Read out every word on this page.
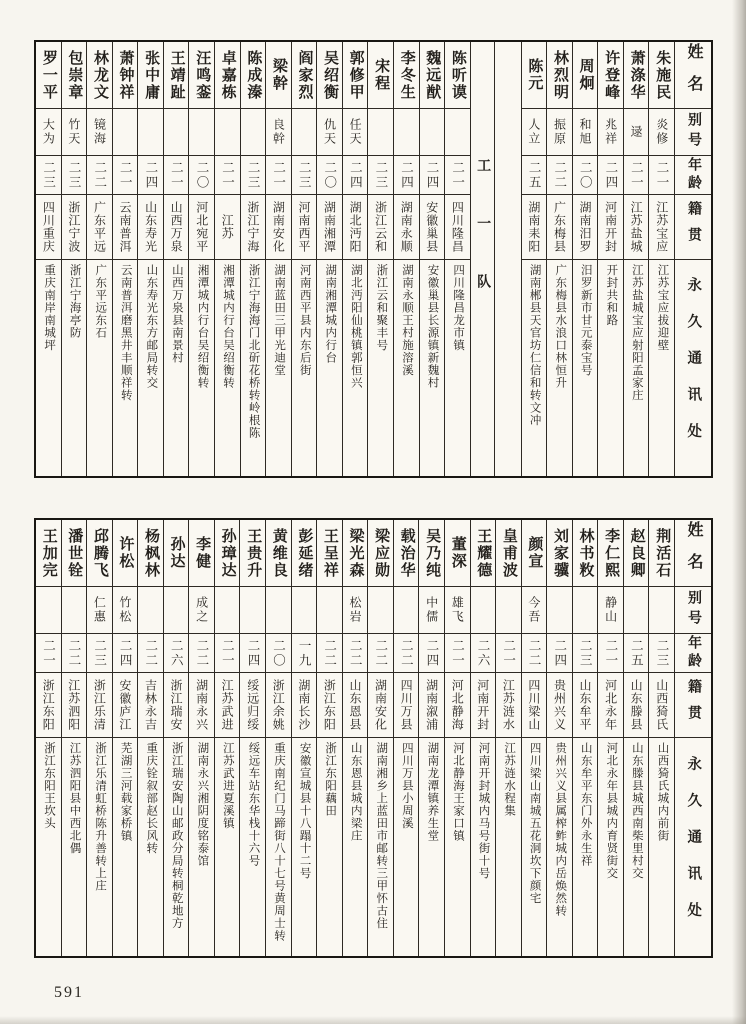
姓名
别号
年龄
籍贯
永久通讯处
朱施民
炎修
二一
江苏宝应
江苏宝应拔迎壁
萧涤华
逯
二一
江苏盐城
江苏盐城宝应射阳孟家庄
许登峰
兆祥
二四
河南开封
开封共和路
周炯
和旭
二〇
湖南汨罗
汨罗新市甘元泰宝号
林烈明
振原
二二
广东梅县
广东梅县水浪口林恒升
陈元
人立
二五
湖南耒阳
湖南郴县天官坊仁信和转文冲
工一队
陈听谟
二一
四川隆昌
四川隆昌龙市镇
魏远猷
二四
安徽巢县
安徽巢县长源镇新魏村
李冬生
二四
湖南永顺
湖南永顺王村施溶溪
宋程
二三
浙江云和
浙江云和聚丰号
郭修甲
任天
二四
湖北沔阳
湖北沔阳仙桃镇郭恒兴
吴绍衡
仇天
二〇
湖南湘潭
湖南湘潭城内行台
阎家烈
二三
河南西平
河南西平县内东后街
梁幹
良幹
二一
湖南安化
湖南蓝田三甲光迪堂
陈成溱
二三
浙江宁海
浙江宁海海门北斫花桥转岭根陈
卓嘉栋
二一
江苏
湘潭城内行台吴绍衡转
汪鸣銮
二〇
河北宛平
湘潭城内行台吴绍衡转
王靖趾
二一
山西万泉
山西万泉县南景村
张中庸
二四
山东寿光
山东寿光东方邮局转交
萧钟祥
二一
云南普洱
云南普洱磨黑井丰顺祥转
林龙文
镜海
二二
广东平远
广东平远东石
包崇章
竹天
二三
浙江宁波
浙江宁海亭防
罗一平
大为
二三
四川重庆
重庆南岸南城坪
姓名
别号
年龄
籍贯
永久通讯处
荆活石
二三
山西猗氏
山西猗氏城内前街
赵良卿
二五
山东滕县
山东滕县城西南柴里村交
李仁熙
静山
二一
河北永年
河北永年县城内育贤街交
林书敉
二三
山东牟平
山东牟平东门外永生祥
刘家骥
二四
贵州兴义
贵州兴义县属榨鲊城内岳焕然转
颜宣
今吾
二二
四川梁山
四川梁山南城五花洞坎下颜宅
皇甫波
二一
江苏涟水
江苏涟水程集
王耀德
二六
河南开封
河南开封城内马号街十号
董深
雄飞
二一
河北静海
河北静海王家口镇
吴乃纯
中儒
二四
湖南溆浦
湖南龙潭镇养生堂
载治华
二二
四川万县
四川万县小周溪
梁应勋
二二
湖南安化
湖南湘乡上蓝田市邮转三甲怀古住
梁光森
松岩
二二
山东恩县
山东恩县城内梁庄
王呈祥
二二
浙江东阳
浙江东阳藕田
彭延绪
一九
湖南长沙
安徽宣城县十八蹋十二号
黄维良
二〇
浙江余姚
重庆南纪门马蹄街八十七号黄周士转
王贵升
二四
绥远归绥
绥远车站东华栈十六号
孙璋达
二一
江苏武进
江苏武进夏溪镇
李健
成之
二二
湖南永兴
湖南永兴湘阴度铭泰馆
孙达
二六
浙江瑞安
浙江瑞安陶山邮政分局转桐乾地方
杨枫林
二二
吉林永吉
重庆铨叙部赵长风转
许松
竹松
二四
安徽庐江
芜湖三河载家桥镇
邱腾飞
仁惠
二三
浙江乐清
浙江乐清虹桥陈升善转上庄
潘世铨
二二
江苏泗阳
江苏泗阳县中西北偶
王加完
二一
浙江东阳
浙江东阳王坎头
591
